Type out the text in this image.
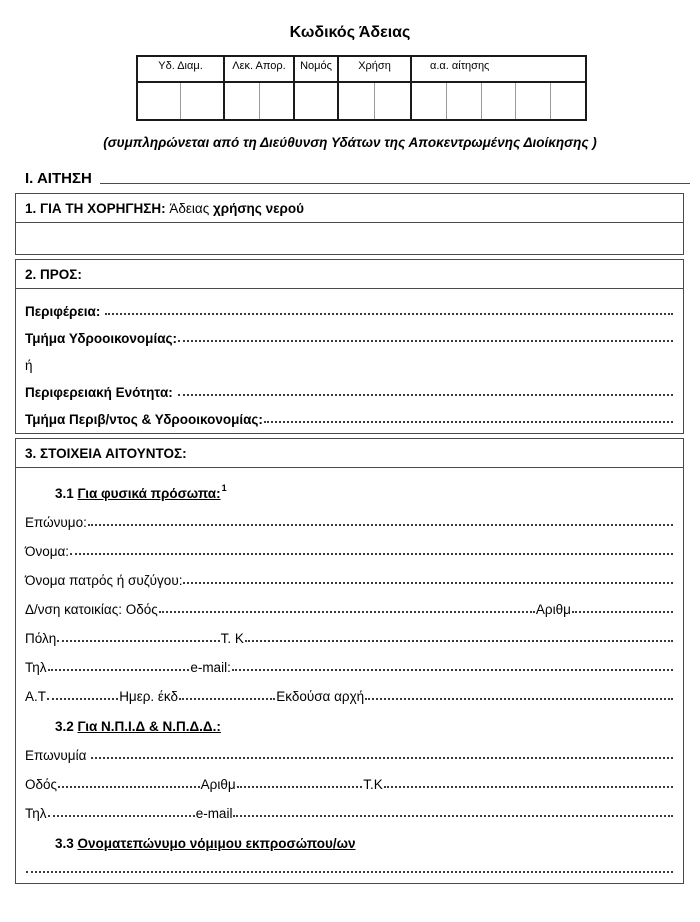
Κωδικός Άδειας
Υδ. Διαμ.	Λεκ. Απορ. Νομός Χρήση	α.α. αίτησης
(συμπληρώνεται από τη Διεύθυνση Υδάτων της Αποκεντρωμένης Διοίκησης )
Ι. ΑΙΤΗΣΗ
1. ΓΙΑ ΤΗ ΧΟΡΗΓΗΣΗ: Άδειας χρήσης νερού
2. ΠΡΟΣ:
Περιφέρεια:
Τμήμα Υδροοικονομίας:
ή
Περιφερειακή Ενότητα:
Τμήμα Περιβ/ντος & Υδροοικονομίας:
3. ΣΤΟΙΧΕΙΑ ΑΙΤΟΥΝΤΟΣ:
3.1 Για φυσικά πρόσωπα:$^1$
Επώνυμο:
Όνομα:
Όνομα πατρός ή συζύγου:
Δ/νση κατοικίας: Οδός	Αριθμ
Πόλη	Τ. Κ
Τηλ	e-mail:
Α.Τ	Ημερ. έκδ	Εκδούσα αρχή
3.2 Για Ν.Π.Ι.Δ & Ν.Π.Δ.Δ.:
Επωνυμία
Οδός	Αριθμ	Τ.Κ
Τηλ	e-mail
3.3 Ονοματεπώνυμο νόμιμου εκπροσώπου/ων
